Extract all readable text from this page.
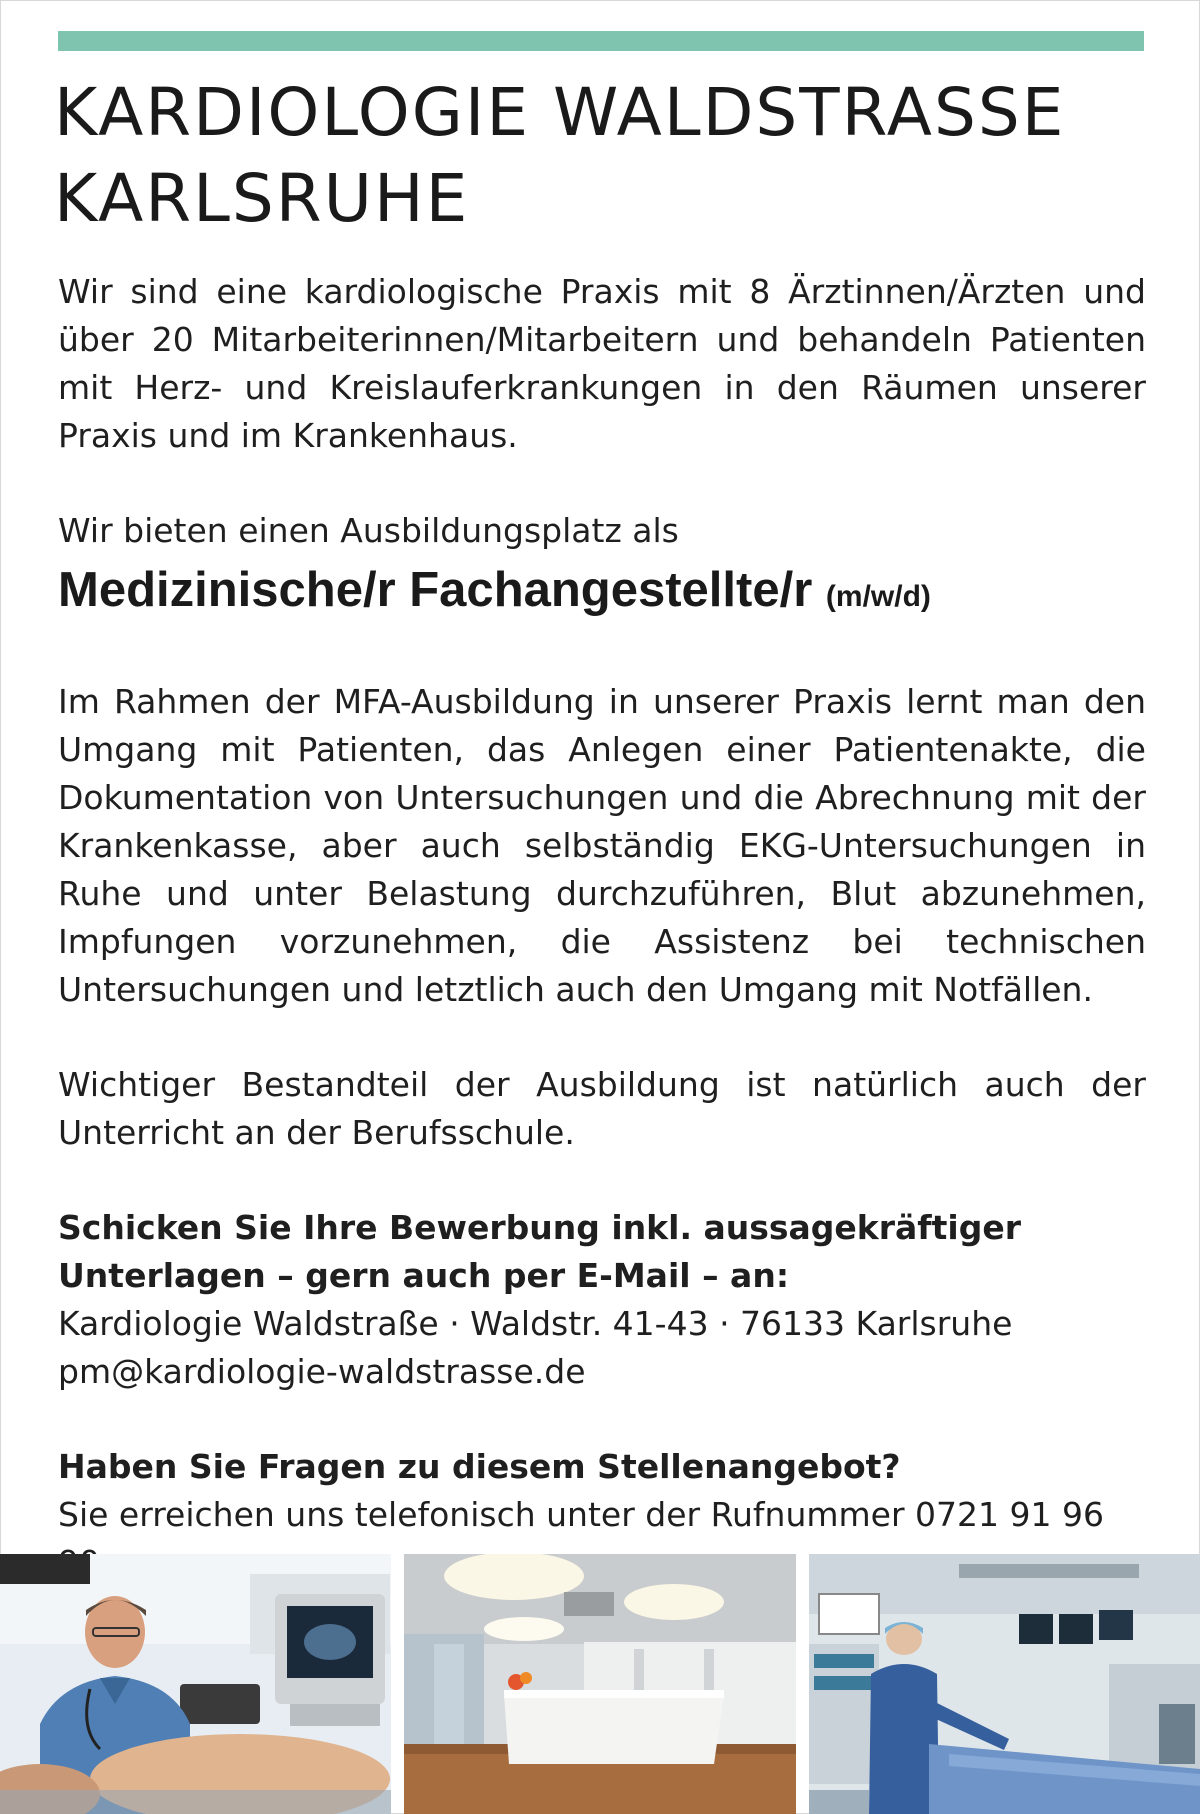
KARDIOLOGIE WALDSTRASSE
KARLSRUHE

Wir sind eine kardiologische Praxis mit 8 Ärztinnen/Ärzten und über 20 Mitarbeiterinnen/Mitarbeitern und behandeln Patienten mit Herz- und Kreislauferkrankungen in den Räumen unserer Praxis und im Krankenhaus.

Wir bieten einen Ausbildungsplatz als

Medizinische/r Fachangestellte/r (m/w/d)

Im Rahmen der MFA-Ausbildung in unserer Praxis lernt man den Umgang mit Patienten, das Anlegen einer Patientenakte, die Dokumentation von Untersuchungen und die Abrechnung mit der Krankenkasse, aber auch selbständig EKG-Untersuchungen in Ruhe und unter Belastung durchzuführen, Blut abzunehmen, Impfungen vorzunehmen, die Assistenz bei technischen Untersuchungen und letztlich auch den Umgang mit Notfällen.

Wichtiger Bestandteil der Ausbildung ist natürlich auch der Unterricht an der Berufsschule.

Schicken Sie Ihre Bewerbung inkl. aussagekräftiger Unterlagen – gern auch per E-Mail – an:

Kardiologie Waldstraße · Waldstr. 41-43 · 76133 Karlsruhe

pm@kardiologie-waldstrasse.de

Haben Sie Fragen zu diesem Stellenangebot?

Sie erreichen uns telefonisch unter der Rufnummer 0721 91 96
